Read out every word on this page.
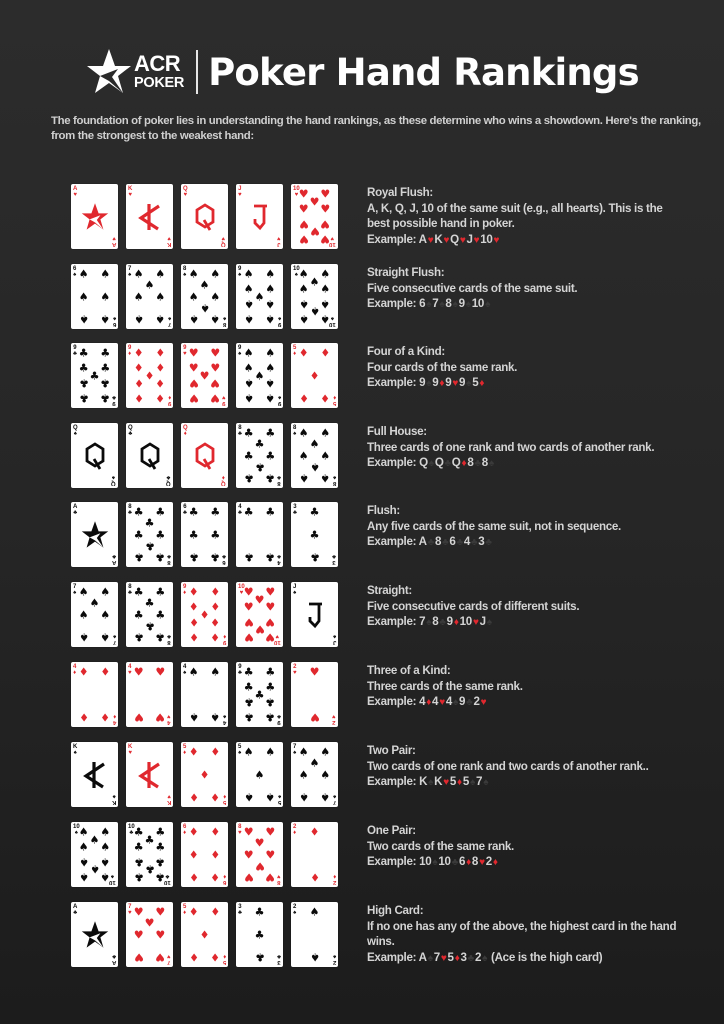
ACR
POKER Poker Hand Rankings

The foundation of poker lies in understanding the hand rankings, as these determine who wins a showdown. Here's the ranking, from the strongest to the weakest hand:

A
♥
A
♥
K
♥
K
♥
Q
♥
Q
♥
J
♥
J
♥
10
♥
10
♥
♥ ♥
♥
♥ ♥
♥ ♥
♥
♥ ♥
Royal Flush:
A, K, Q, J, 10 of the same suit (e.g., all hearts). This is the best possible hand in poker.
Example: A♥K♥Q♥J♥10♥
6
♠
6
♠
♠ ♠
♠ ♠
♠ ♠
7
♠
7
♠
♠ ♠
♠
♠ ♠
♠ ♠
8
♠
8
♠
♠ ♠
♠
♠ ♠
♠
♠ ♠
9
♠
9
♠
♠ ♠
♠ ♠
♠
♠ ♠
♠ ♠
10
♠
10
♠
♠ ♠
♠
♠ ♠
♠ ♠
♠
♠ ♠
Straight Flush:
Five consecutive cards of the same suit.
Example: 6♠7♠8♠9♠10♠
9
♣
9
♣
♣ ♣
♣ ♣
♣
♣ ♣
♣ ♣
9
♦
9
♦
♦ ♦
♦ ♦
♦
♦ ♦
♦ ♦
9
♥
9
♥
♥ ♥
♥ ♥
♥
♥ ♥
♥ ♥
9
♠
9
♠
♠ ♠
♠ ♠
♠
♠ ♠
♠ ♠
5
♦
5
♦
♦ ♦
♦
♦ ♦
Four of a Kind:
Four cards of the same rank.
Example: 9♠9♦9♥9♠5♦
Q
♠
Q
♠
Q
♣
Q
♣
Q
♦
Q
♦
8
♣
8
♣
♣ ♣
♣
♣ ♣
♣
♣ ♣
8
♠
8
♠
♠ ♠
♠
♠ ♠
♠
♠ ♠
Full House:
Three cards of one rank and two cards of another rank.
Example: Q♠Q♣Q♦8♣8♠
A
♣
A
♣
8
♣
8
♣
♣ ♣
♣
♣ ♣
♣
♣ ♣
6
♣
6
♣
♣ ♣
♣ ♣
♣ ♣
4
♣
4
♣
♣ ♣
♣ ♣
3
♣
3
♣
♣
♣
♣
Flush:
Any five cards of the same suit, not in sequence.
Example: A♣8♣6♣4♣3♣
7
♠
7
♠
♠ ♠
♠
♠ ♠
♠ ♠
8
♣
8
♣
♣ ♣
♣
♣ ♣
♣
♣ ♣
9
♦
9
♦
♦ ♦
♦ ♦
♦
♦ ♦
♦ ♦
10
♥
10
♥
♥ ♥
♥
♥ ♥
♥ ♥
♥
♥ ♥
J
♠
J
♠
Straight:
Five consecutive cards of different suits.
Example: 7♠8♣9♦10♥J♠
4
♦
4
♦
♦ ♦
♦ ♦
4
♥
4
♥
♥ ♥
♥ ♥
4
♠
4
♠
♠ ♠
♠ ♠
9
♣
9
♣
♣ ♣
♣ ♣
♣
♣ ♣
♣ ♣
2
♥
2
♥
♥
♥
Three of a Kind:
Three cards of the same rank.
Example: 4♦4♥4♠9♣2♥
K
♠
K
♠
K
♥
K
♥
5
♦
5
♦
♦ ♦
♦
♦ ♦
5
♠
5
♠
♠ ♠
♠
♠ ♠
7
♠
7
♠
♠ ♠
♠
♠ ♠
♠ ♠
Two Pair:
Two cards of one rank and two cards of another rank..
Example: K♠K♥5♦5♠7♠
10
♠
10
♠
♠ ♠
♠
♠ ♠
♠ ♠
♠
♠ ♠
10
♣
10
♣
♣ ♣
♣
♣ ♣
♣ ♣
♣
♣ ♣
6
♦
6
♦
♦ ♦
♦ ♦
♦ ♦
8
♥
8
♥
♥ ♥
♥
♥ ♥
♥
♥ ♥
2
♦
2
♦
♦
♦
One Pair:
Two cards of the same rank.
Example: 10♠10♣6♦8♥2♦
A
♣
A
♣
7
♥
7
♥
♥ ♥
♥
♥ ♥
♥ ♥
5
♦
5
♦
♦ ♦
♦
♦ ♦
3
♣
3
♣
♣
♣
♣
2
♠
2
♠
♠
♠
High Card:
If no one has any of the above, the highest card in the hand wins.
Example: A♠7♥5♦3♣2♠ (Ace is the high card)
